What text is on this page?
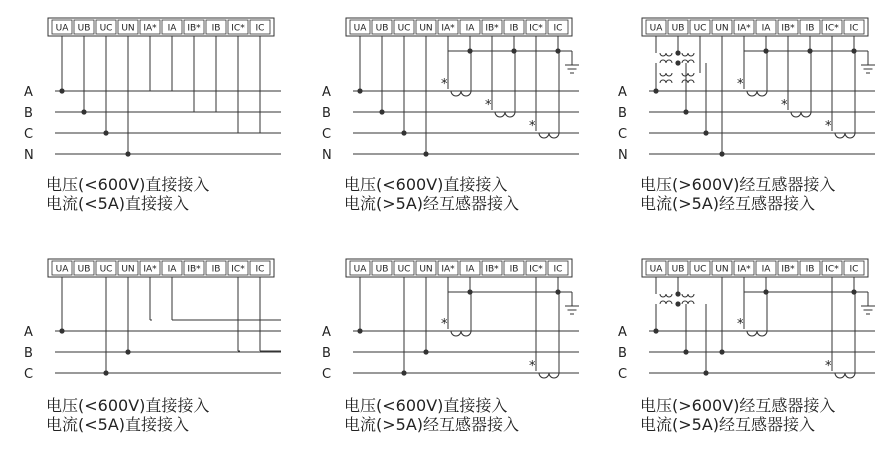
UA UB UC UN IA* IA IB* IB IC* IC
A
B
C
N
电压(<600V)直接接入
电流(<5A)直接接入
UA UB UC UN IA* IA IB* IB IC* IC
A
B
C
N
*
*
*
电压(<600V)直接接入
电流(>5A)经互感器接入
UA UB UC UN IA* IA IB* IB IC* IC
A
B
C
N
*
*
*
电压(>600V)经互感器接入
电流(>5A)经互感器接入
UA UB UC UN IA* IA IB* IB IC* IC
A
B
C
电压(<600V)直接接入
电流(<5A)直接接入
UA UB UC UN IA* IA IB* IB IC* IC
A
B
C
*
*
电压(<600V)直接接入
电流(>5A)经互感器接入
UA UB UC UN IA* IA IB* IB IC* IC
A
B
C
*
*
电压(>600V)经互感器接入
电流(>5A)经互感器接入
